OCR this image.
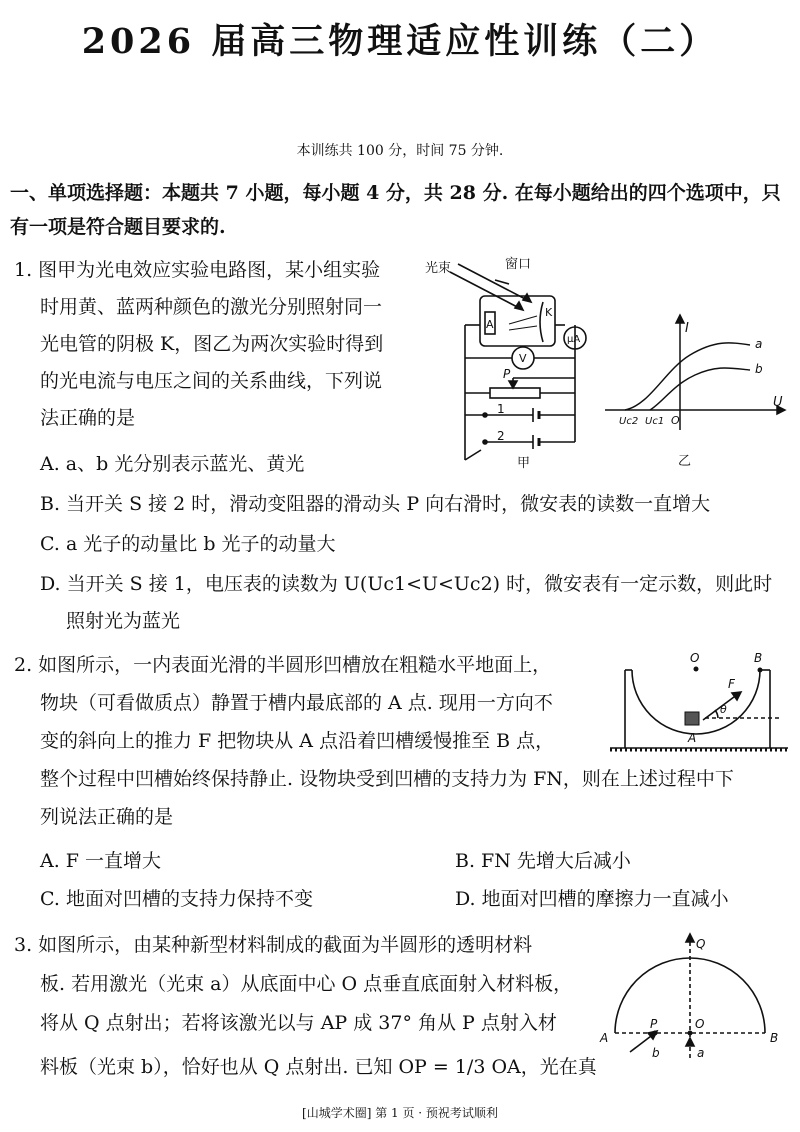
2026 届高三物理适应性训练（二）
本训练共 100 分，时间 75 分钟.
一、单项选择题：本题共 7 小题，每小题 4 分，共 28 分. 在每小题给出的四个选项中，只
有一项是符合题目要求的.
1. 图甲为光电效应实验电路图，某小组实验
时用黄、蓝两种颜色的激光分别照射同一
光电管的阴极 K，图乙为两次实验时得到
的光电流与电压之间的关系曲线，下列说
法正确的是
A. a、b 光分别表示蓝光、黄光
B. 当开关 S 接 2 时，滑动变阻器的滑动头 P 向右滑时，微安表的读数一直增大
C. a 光子的动量比 b 光子的动量大
D. 当开关 S 接 1，电压表的读数为 U(Uc1<U<Uc2) 时，微安表有一定示数，则此时
照射光为蓝光
光束	窗口
A
K
μA
V
P
1
2
甲
I
U
Uc2 Uc1 O
a
b
乙
2. 如图所示，一内表面光滑的半圆形凹槽放在粗糙水平地面上，
物块（可看做质点）静置于槽内最底部的 A 点. 现用一方向不
变的斜向上的推力 F 把物块从 A 点沿着凹槽缓慢推至 B 点，
整个过程中凹槽始终保持静止. 设物块受到凹槽的支持力为 FN，则在上述过程中下
列说法正确的是
A. F 一直增大	B. FN 先增大后减小
C. 地面对凹槽的支持力保持不变	D. 地面对凹槽的摩擦力一直减小
O	B
F
θ
A
3. 如图所示，由某种新型材料制成的截面为半圆形的透明材料
板. 若用激光（光束 a）从底面中心 O 点垂直底面射入材料板，
将从 Q 点射出；若将该激光以与 AP 成 37° 角从 P 点射入材
料板（光束 b），恰好也从 Q 点射出. 已知 OP = 1/3 OA，光在真
Q
A
P	O
B
a
b
[山城学术圈] 第 1 页 · 预祝考试顺利
